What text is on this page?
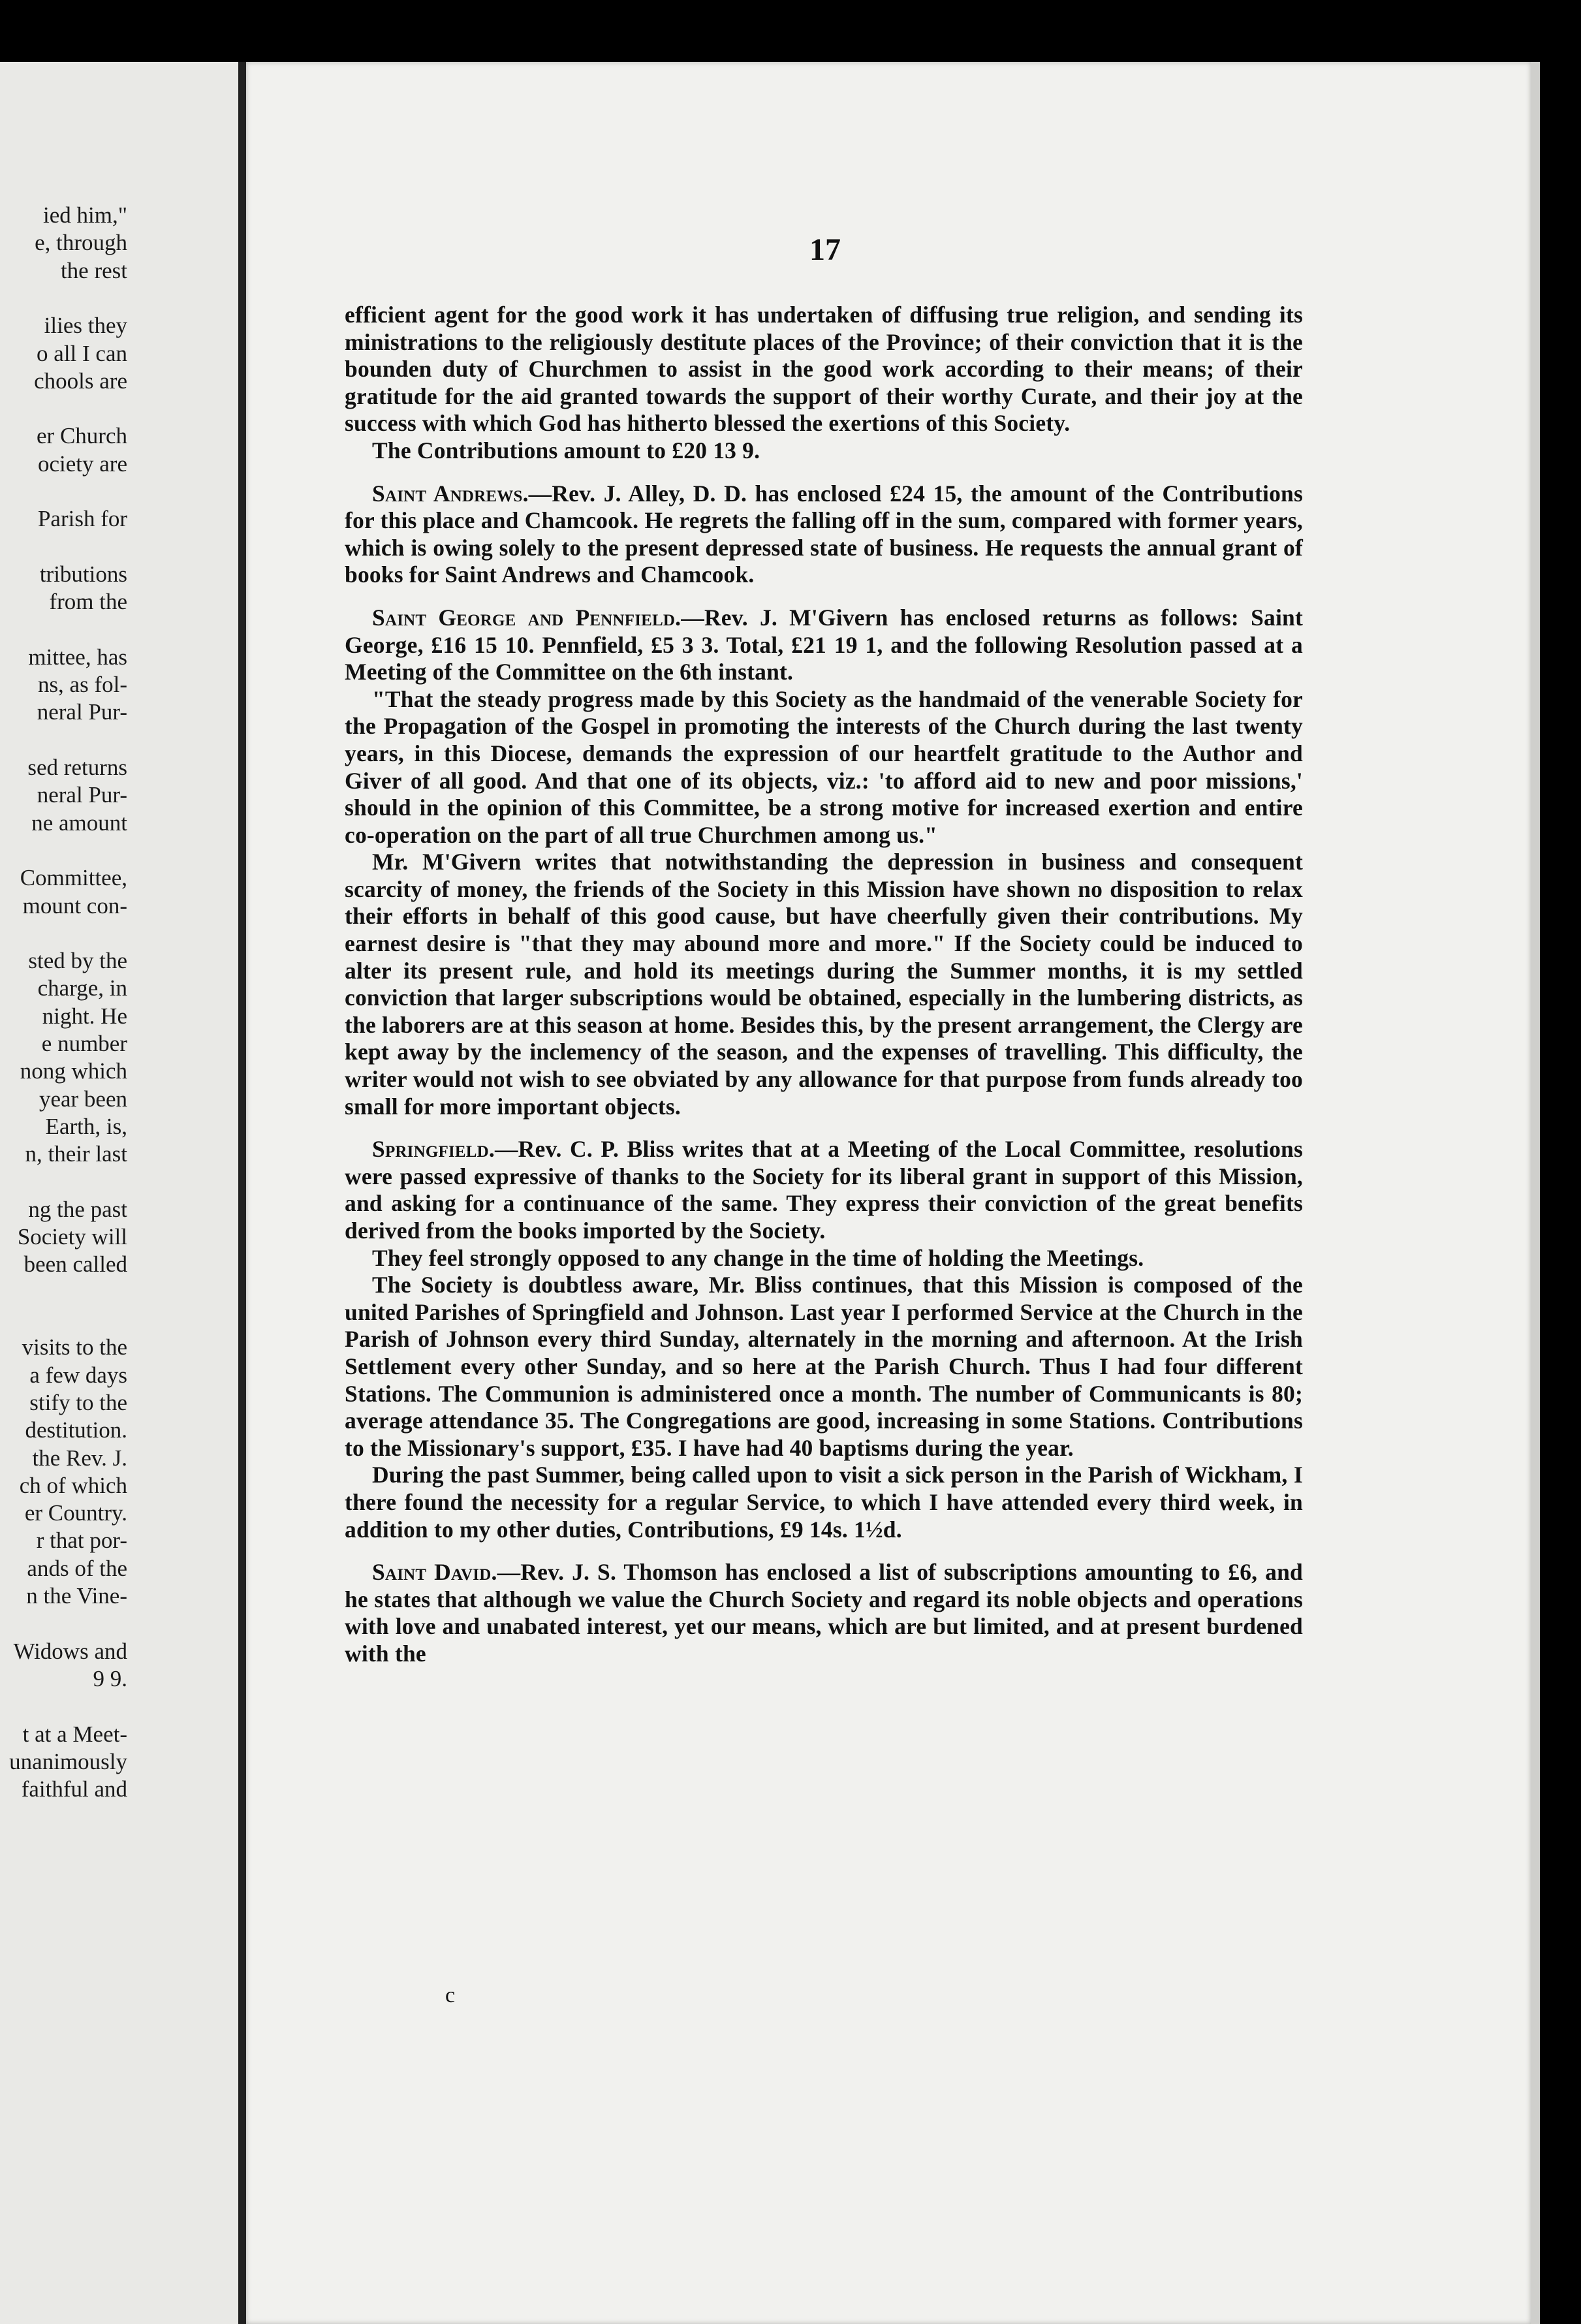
ied him,"
e, through
the rest
ilies they
o all I can
chools are
er Church
ociety are
Parish for
tributions
from the
mittee, has
ns, as fol-
neral Pur-
sed returns
neral Pur-
ne amount
Committee,
mount con-
sted by the
charge, in
night. He
e number
nong which
year been
Earth, is,
n, their last
ng the past
Society will
been called
visits to the
a few days
stify to the
destitution.
the Rev. J.
ch of which
er Country.
r that por-
ands of the
n the Vine-
Widows and
9 9.
t at a Meet-
unanimously
faithful and
17

efficient agent for the good work it has undertaken of diffusing true religion, and sending its ministrations to the religiously destitute places of the Province; of their conviction that it is the bounden duty of Churchmen to assist in the good work according to their means; of their gratitude for the aid granted towards the support of their worthy Curate, and their joy at the success with which God has hitherto blessed the exertions of this Society.

The Contributions amount to £20 13 9.

Saint Andrews.—Rev. J. Alley, D. D. has enclosed £24 15, the amount of the Contributions for this place and Chamcook. He regrets the falling off in the sum, compared with former years, which is owing solely to the present depressed state of business. He requests the annual grant of books for Saint Andrews and Chamcook.

Saint George and Pennfield.—Rev. J. M'Givern has enclosed returns as follows: Saint George, £16 15 10. Pennfield, £5 3 3. Total, £21 19 1, and the following Resolution passed at a Meeting of the Committee on the 6th instant.

"That the steady progress made by this Society as the handmaid of the venerable Society for the Propagation of the Gospel in promoting the interests of the Church during the last twenty years, in this Diocese, demands the expression of our heartfelt gratitude to the Author and Giver of all good. And that one of its objects, viz.: 'to afford aid to new and poor missions,' should in the opinion of this Committee, be a strong motive for increased exertion and entire co-operation on the part of all true Churchmen among us."

Mr. M'Givern writes that notwithstanding the depression in business and consequent scarcity of money, the friends of the Society in this Mission have shown no disposition to relax their efforts in behalf of this good cause, but have cheerfully given their contributions. My earnest desire is "that they may abound more and more." If the Society could be induced to alter its present rule, and hold its meetings during the Summer months, it is my settled conviction that larger subscriptions would be obtained, especially in the lumbering districts, as the laborers are at this season at home. Besides this, by the present arrangement, the Clergy are kept away by the inclemency of the season, and the expenses of travelling. This difficulty, the writer would not wish to see obviated by any allowance for that purpose from funds already too small for more important objects.

Springfield.—Rev. C. P. Bliss writes that at a Meeting of the Local Committee, resolutions were passed expressive of thanks to the Society for its liberal grant in support of this Mission, and asking for a continuance of the same. They express their conviction of the great benefits derived from the books imported by the Society.

They feel strongly opposed to any change in the time of holding the Meetings.

The Society is doubtless aware, Mr. Bliss continues, that this Mission is composed of the united Parishes of Springfield and Johnson. Last year I performed Service at the Church in the Parish of Johnson every third Sunday, alternately in the morning and afternoon. At the Irish Settlement every other Sunday, and so here at the Parish Church. Thus I had four different Stations. The Communion is administered once a month. The number of Communicants is 80; average attendance 35. The Congregations are good, increasing in some Stations. Contributions to the Missionary's support, £35. I have had 40 baptisms during the year.

During the past Summer, being called upon to visit a sick person in the Parish of Wickham, I there found the necessity for a regular Service, to which I have attended every third week, in addition to my other duties, Contributions, £9 14s. 1½d.

Saint David.—Rev. J. S. Thomson has enclosed a list of subscriptions amounting to £6, and he states that although we value the Church Society and regard its noble objects and operations with love and unabated interest, yet our means, which are but limited, and at present burdened with the

c
